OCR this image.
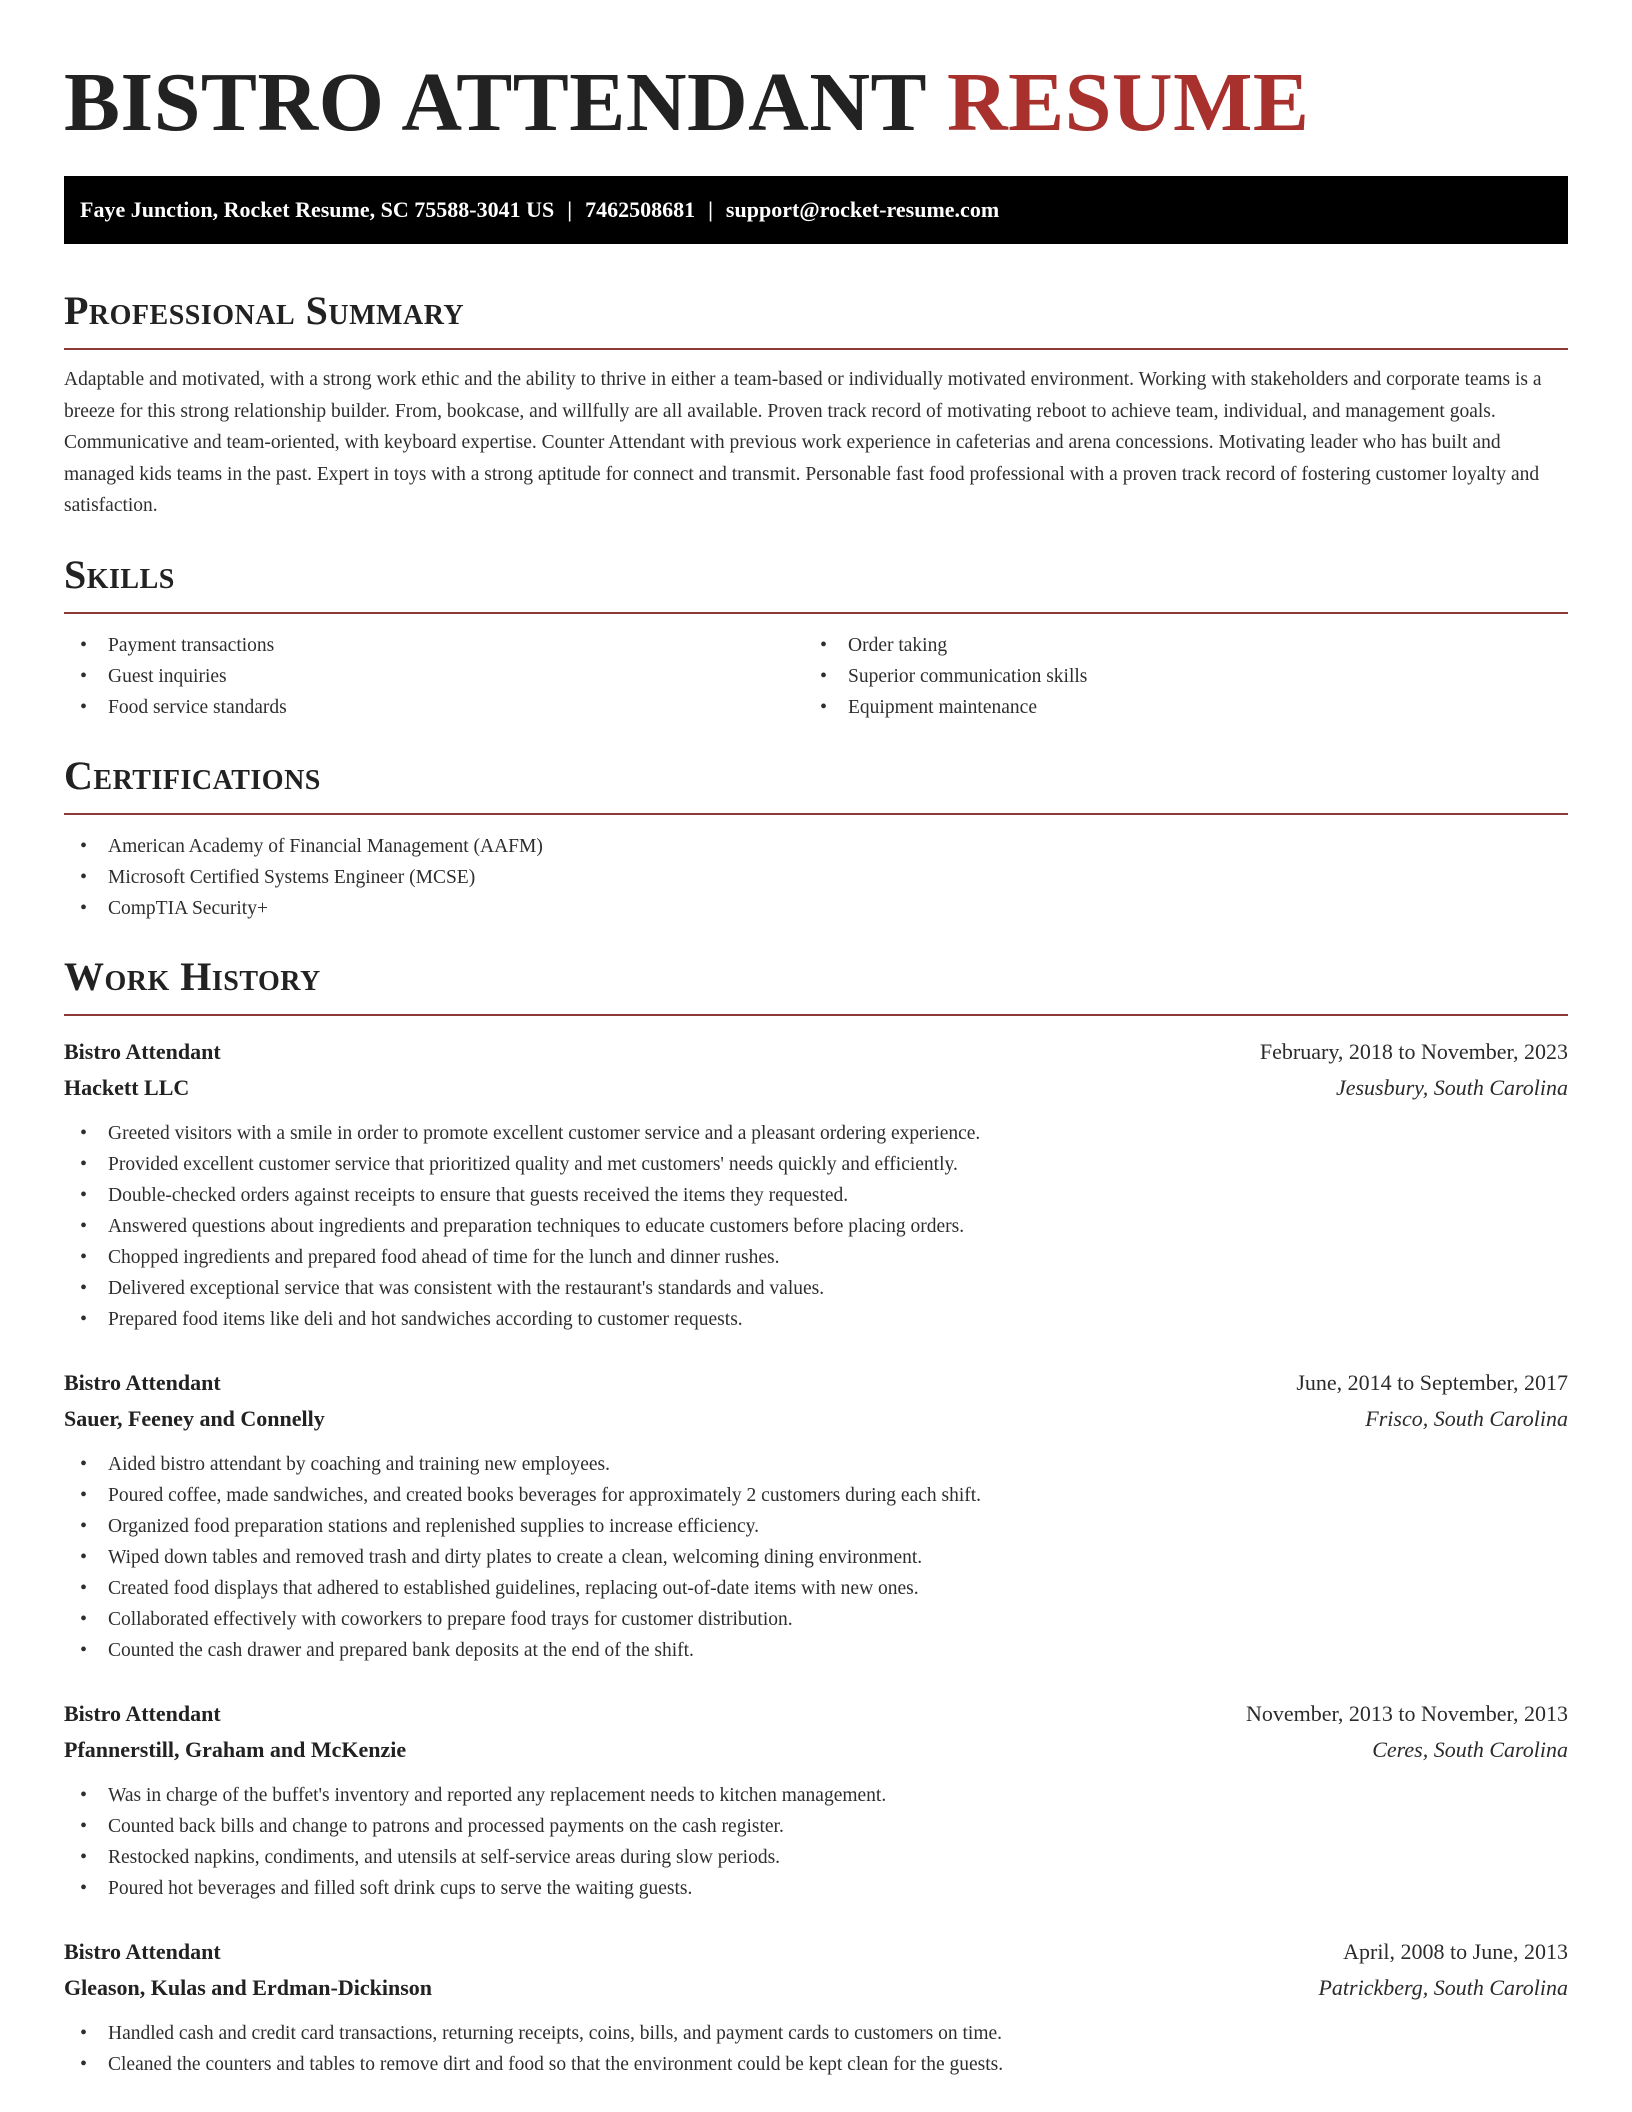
BISTRO ATTENDANT RESUME
Faye Junction, Rocket Resume, SC 75588-3041 US | 7462508681 | support@rocket-resume.com
Professional Summary

Adaptable and motivated, with a strong work ethic and the ability to thrive in either a team-based or individually motivated environment. Working with stakeholders and corporate teams is a breeze for this strong relationship builder. From, bookcase, and willfully are all available. Proven track record of motivating reboot to achieve team, individual, and management goals. Communicative and team-oriented, with keyboard expertise. Counter Attendant with previous work experience in cafeterias and arena concessions. Motivating leader who has built and managed kids teams in the past. Expert in toys with a strong aptitude for connect and transmit. Personable fast food professional with a proven track record of fostering customer loyalty and satisfaction.

Skills
• Payment transactions
• Guest inquiries
• Food service standards
• Order taking
• Superior communication skills
• Equipment maintenance
Certifications
• American Academy of Financial Management (AAFM)
• Microsoft Certified Systems Engineer (MCSE)
• CompTIA Security+
Work History
Bistro Attendant	February, 2018 to November, 2023
Hackett LLC	Jesusbury, South Carolina
• Greeted visitors with a smile in order to promote excellent customer service and a pleasant ordering experience.
• Provided excellent customer service that prioritized quality and met customers' needs quickly and efficiently.
• Double-checked orders against receipts to ensure that guests received the items they requested.
• Answered questions about ingredients and preparation techniques to educate customers before placing orders.
• Chopped ingredients and prepared food ahead of time for the lunch and dinner rushes.
• Delivered exceptional service that was consistent with the restaurant's standards and values.
• Prepared food items like deli and hot sandwiches according to customer requests.
Bistro Attendant	June, 2014 to September, 2017
Sauer, Feeney and Connelly	Frisco, South Carolina
• Aided bistro attendant by coaching and training new employees.
• Poured coffee, made sandwiches, and created books beverages for approximately 2 customers during each shift.
• Organized food preparation stations and replenished supplies to increase efficiency.
• Wiped down tables and removed trash and dirty plates to create a clean, welcoming dining environment.
• Created food displays that adhered to established guidelines, replacing out-of-date items with new ones.
• Collaborated effectively with coworkers to prepare food trays for customer distribution.
• Counted the cash drawer and prepared bank deposits at the end of the shift.
Bistro Attendant	November, 2013 to November, 2013
Pfannerstill, Graham and McKenzie	Ceres, South Carolina
• Was in charge of the buffet's inventory and reported any replacement needs to kitchen management.
• Counted back bills and change to patrons and processed payments on the cash register.
• Restocked napkins, condiments, and utensils at self-service areas during slow periods.
• Poured hot beverages and filled soft drink cups to serve the waiting guests.
Bistro Attendant	April, 2008 to June, 2013
Gleason, Kulas and Erdman-Dickinson	Patrickberg, South Carolina
• Handled cash and credit card transactions, returning receipts, coins, bills, and payment cards to customers on time.
• Cleaned the counters and tables to remove dirt and food so that the environment could be kept clean for the guests.
